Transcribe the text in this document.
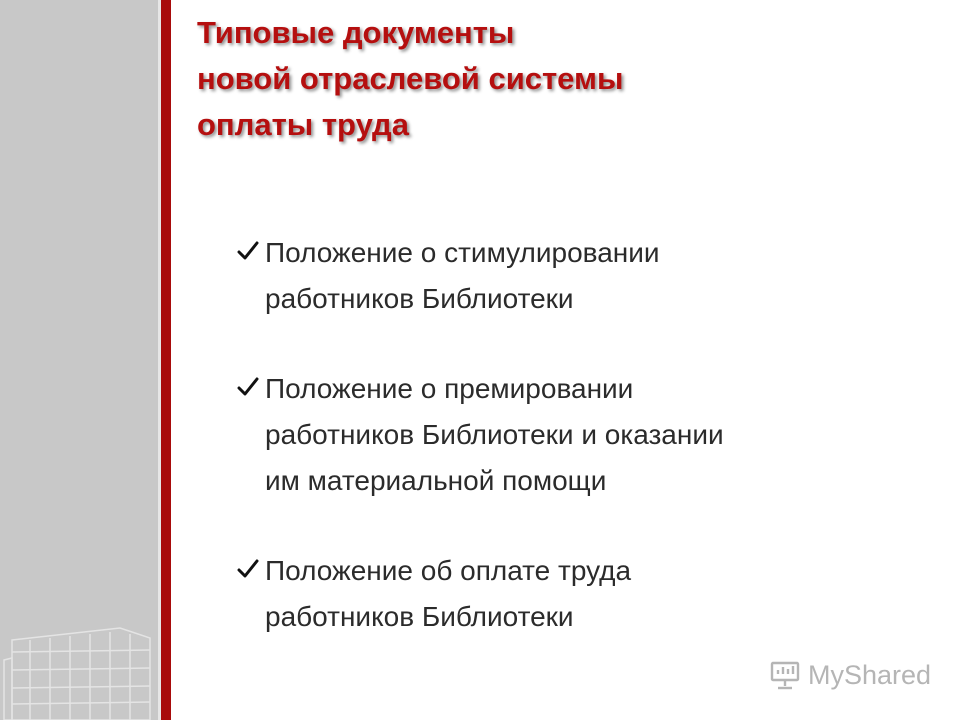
Типовые документы
новой отраслевой системы
оплаты труда
Положение о стимулировании
работников Библиотеки
Положение о премировании
работников Библиотеки и оказании
им материальной помощи
Положение об оплате труда
работников Библиотеки
MyShared
